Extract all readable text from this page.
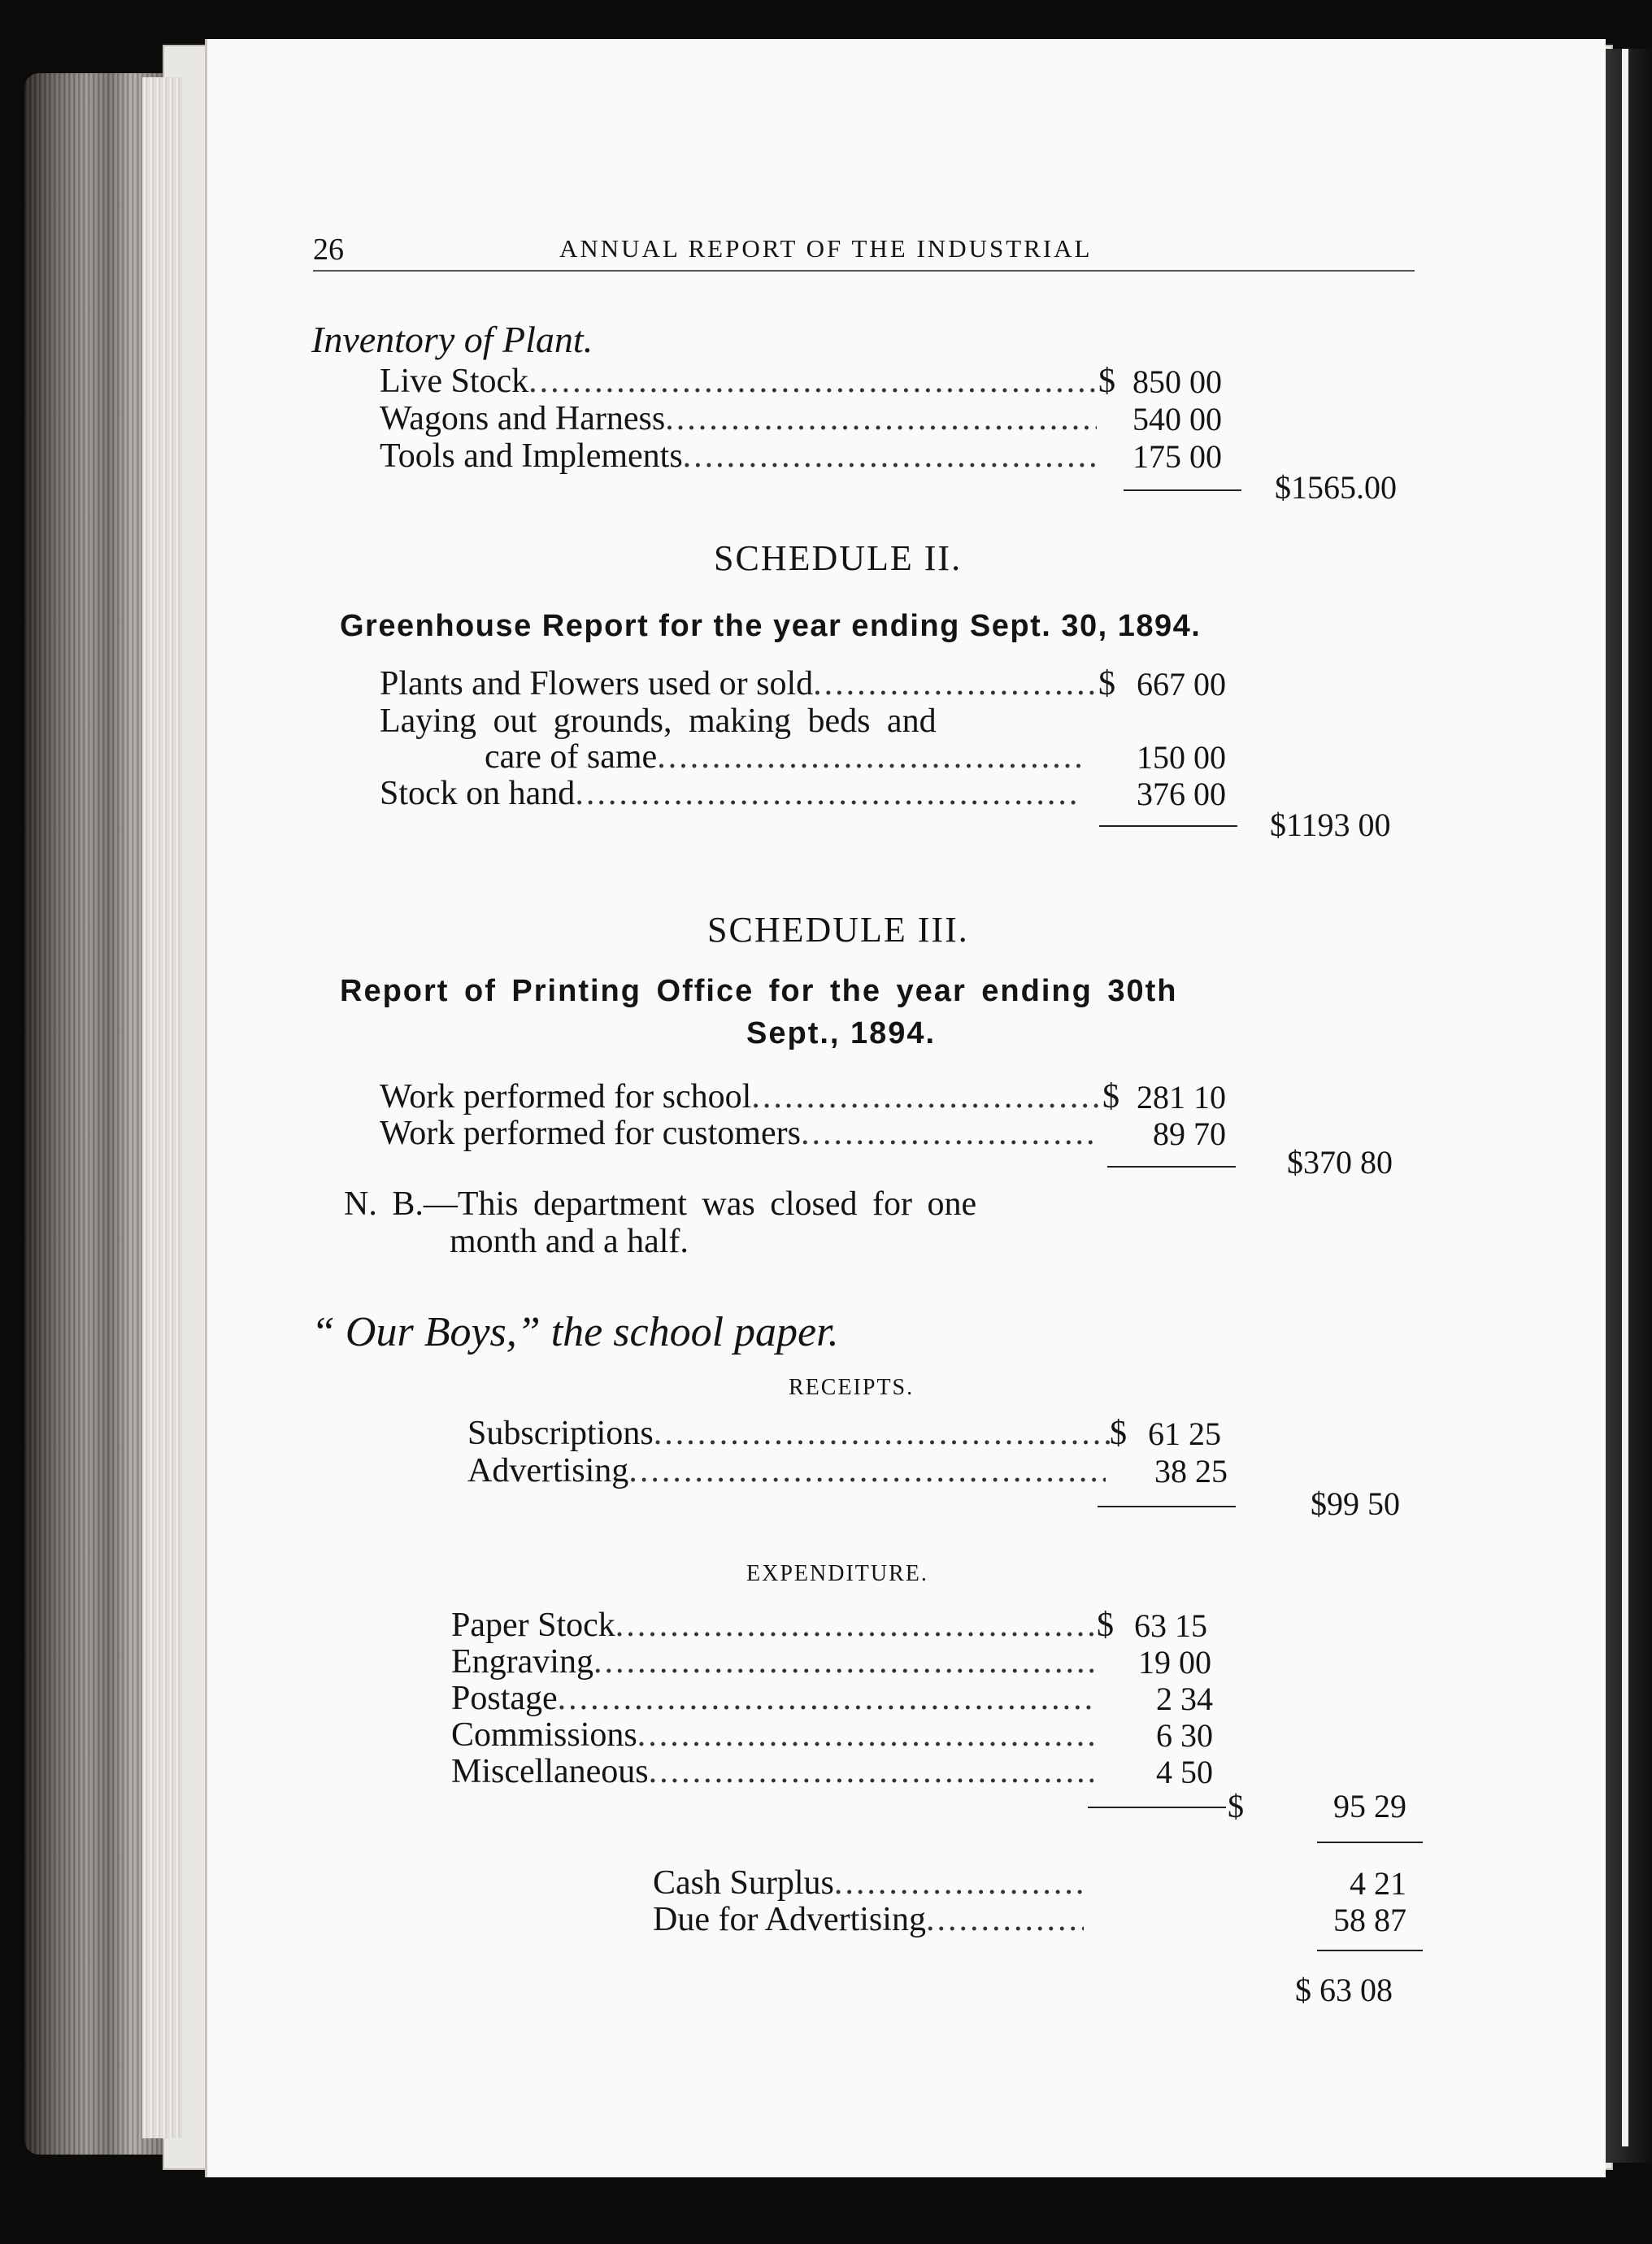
26	ANNUAL REPORT OF THE INDUSTRIAL
Inventory of Plant.
Live Stock .....	$ 850 00
Wagons and Harness .....	540 00
Tools and Implements .....	175 00
$1565.00
SCHEDULE II.
Greenhouse Report for the year ending Sept. 30, 1894.
Plants and Flowers used or sold .....	$ 667 00
Laying out grounds, making beds and
care of same .....	150 00
Stock on hand .....	376 00
$1193 00
SCHEDULE III.
Report of Printing Office for the year ending 30th
Sept., 1894.
Work performed for school .....	$ 281 10
Work performed for customers .....	89 70
$370 80
N. B.—This department was closed for one
month and a half.
“ Our Boys,” the school paper.
RECEIPTS.
Subscriptions .....	$ 61 25
Advertising .....	38 25
$99 50
EXPENDITURE.
Paper Stock .....	$ 63 15
Engraving .....	19 00
Postage .....	2 34
Commissions .....	6 30
Miscellaneous .....	4 50
$	95 29
Cash Surplus .....	4 21
Due for Advertising .....	58 87
$ 63 08
